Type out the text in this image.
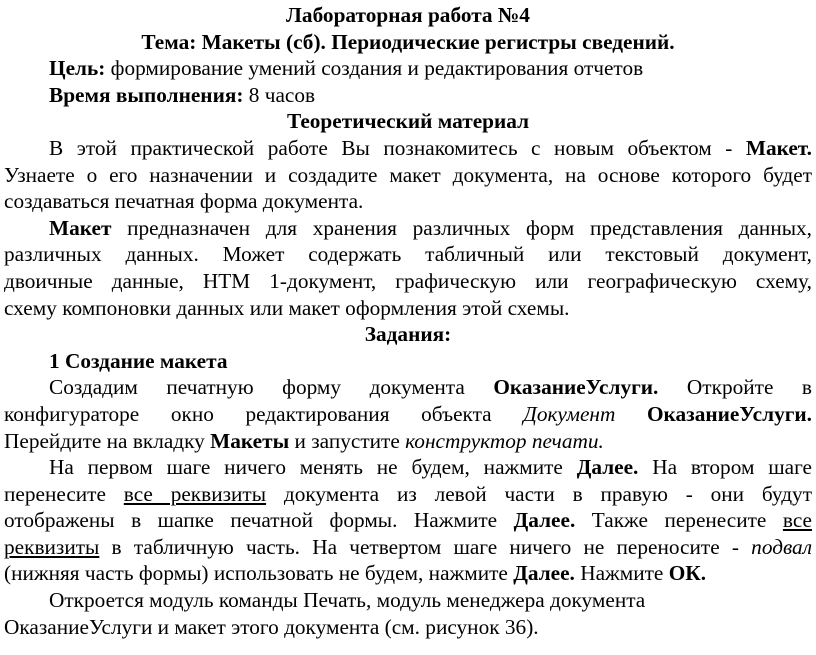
Лабораторная работа №4
Тема: Макеты (сб). Периодические регистры сведений.
Цель: формирование умений создания и редактирования отчетов
Время выполнения: 8 часов
Теоретический материал
В этой практической работе Вы познакомитесь с новым объектом - Макет.
Узнаете о его назначении и создадите макет документа, на основе которого будет
создаваться печатная форма документа.
Макет предназначен для хранения различных форм представления данных,
различных данных. Может содержать табличный или текстовый документ,
двоичные данные, HTM 1-документ, графическую или географическую схему,
схему компоновки данных или макет оформления этой схемы.
Задания:
1 Создание макета
Создадим печатную форму документа ОказаниеУслуги. Откройте в
конфигураторе окно редактирования объекта Документ ОказаниеУслуги.
Перейдите на вкладку Макеты и запустите конструктор печати.
На первом шаге ничего менять не будем, нажмите Далее. На втором шаге
перенесите все реквизиты документа из левой части в правую - они будут
отображены в шапке печатной формы. Нажмите Далее. Также перенесите все
реквизиты в табличную часть. На четвертом шаге ничего не переносите - подвал
(нижняя часть формы) использовать не будем, нажмите Далее. Нажмите ОК.
Откроется модуль команды Печать, модуль менеджера документа
ОказаниеУслуги и макет этого документа (см. рисунок 36).
